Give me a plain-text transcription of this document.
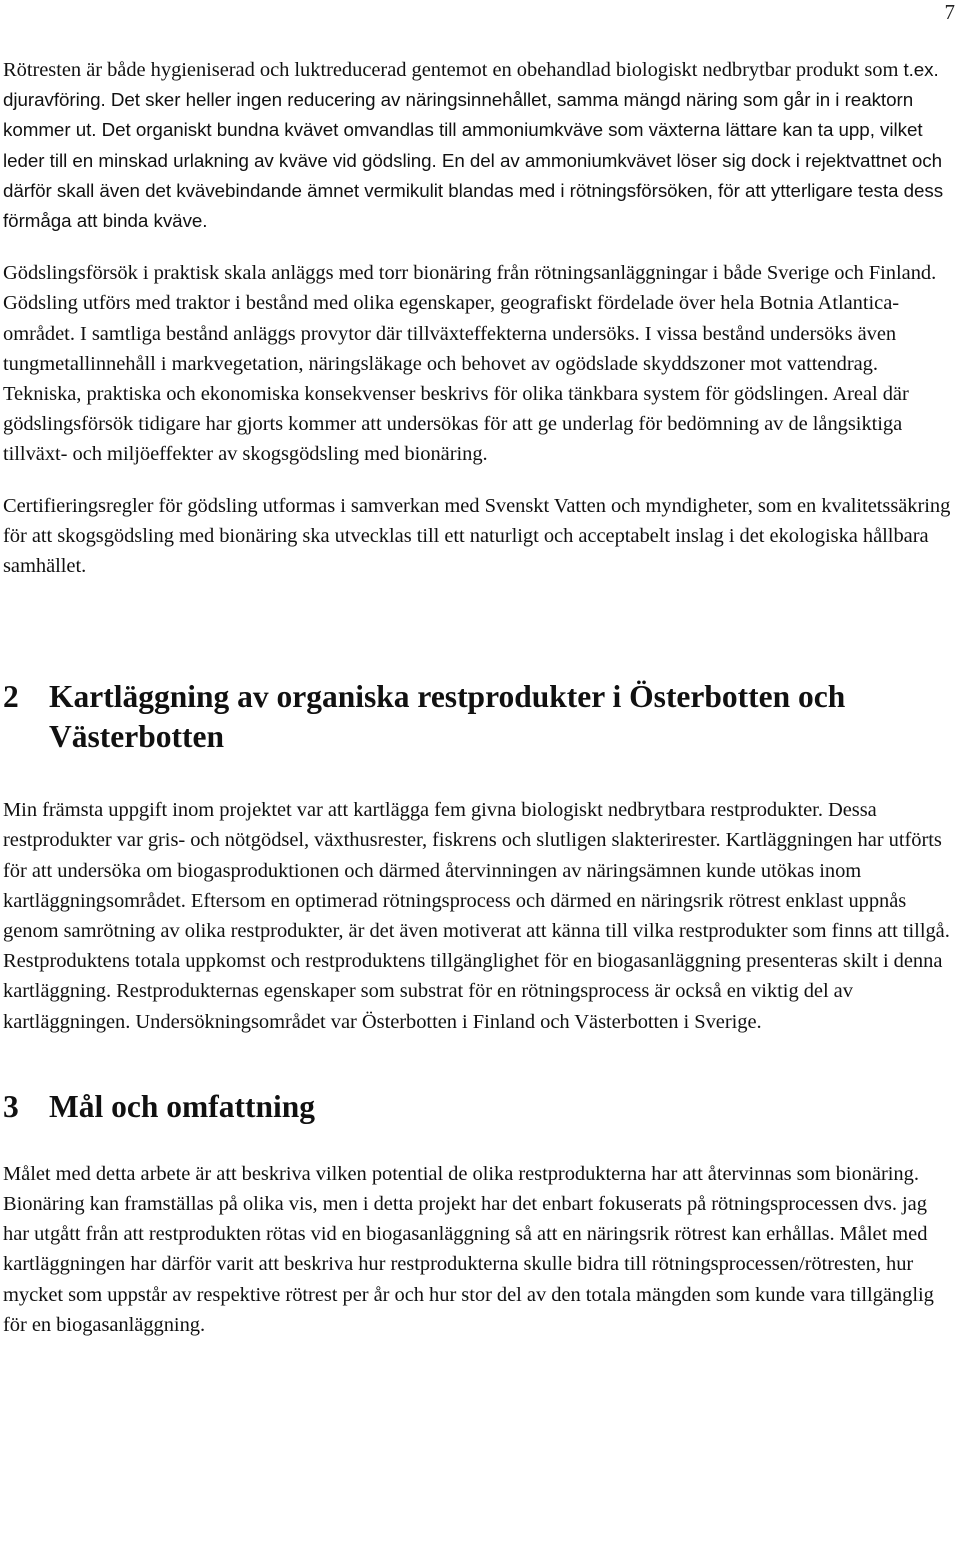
7

Rötresten är både hygieniserad och luktreducerad gentemot en obehandlad biologiskt nedbrytbar produkt som t.ex. djuravföring. Det sker heller ingen reducering av näringsinnehållet, samma mängd näring som går in i reaktorn kommer ut. Det organiskt bundna kvävet omvandlas till ammoniumkväve som växterna lättare kan ta upp, vilket leder till en minskad urlakning av kväve vid gödsling. En del av ammoniumkvävet löser sig dock i rejektvattnet och därför skall även det kvävebindande ämnet vermikulit blandas med i rötningsförsöken, för att ytterligare testa dess förmåga att binda kväve.

Gödslingsförsök i praktisk skala anläggs med torr bionäring från rötningsanläggningar i både Sverige och Finland. Gödsling utförs med traktor i bestånd med olika egenskaper, geografiskt fördelade över hela Botnia Atlantica-området. I samtliga bestånd anläggs provytor där tillväxteffekterna undersöks. I vissa bestånd undersöks även tungmetallinnehåll i markvegetation, näringsläkage och behovet av ogödslade skyddszoner mot vattendrag. Tekniska, praktiska och ekonomiska konsekvenser beskrivs för olika tänkbara system för gödslingen. Areal där gödslingsförsök tidigare har gjorts kommer att undersökas för att ge underlag för bedömning av de långsiktiga tillväxt- och miljöeffekter av skogsgödsling med bionäring.

Certifieringsregler för gödsling utformas i samverkan med Svenskt Vatten och myndigheter, som en kvalitetssäkring för att skogsgödsling med bionäring ska utvecklas till ett naturligt och acceptabelt inslag i det ekologiska hållbara samhället.

2 Kartläggning av organiska restprodukter i Österbotten och Västerbotten

Min främsta uppgift inom projektet var att kartlägga fem givna biologiskt nedbrytbara restprodukter. Dessa restprodukter var gris- och nötgödsel, växthusrester, fiskrens och slutligen slakterirester. Kartläggningen har utförts för att undersöka om biogasproduktionen och därmed återvinningen av näringsämnen kunde utökas inom kartläggningsområdet. Eftersom en optimerad rötningsprocess och därmed en näringsrik rötrest enklast uppnås genom samrötning av olika restprodukter, är det även motiverat att känna till vilka restprodukter som finns att tillgå. Restproduktens totala uppkomst och restproduktens tillgänglighet för en biogasanläggning presenteras skilt i denna kartläggning. Restprodukternas egenskaper som substrat för en rötningsprocess är också en viktig del av kartläggningen. Undersökningsområdet var Österbotten i Finland och Västerbotten i Sverige.

3 Mål och omfattning

Målet med detta arbete är att beskriva vilken potential de olika restprodukterna har att återvinnas som bionäring. Bionäring kan framställas på olika vis, men i detta projekt har det enbart fokuserats på rötningsprocessen dvs. jag har utgått från att restprodukten rötas vid en biogasanläggning så att en näringsrik rötrest kan erhållas. Målet med kartläggningen har därför varit att beskriva hur restprodukterna skulle bidra till rötningsprocessen/rötresten, hur mycket som uppstår av respektive rötrest per år och hur stor del av den totala mängden som kunde vara tillgänglig för en biogasanläggning.
